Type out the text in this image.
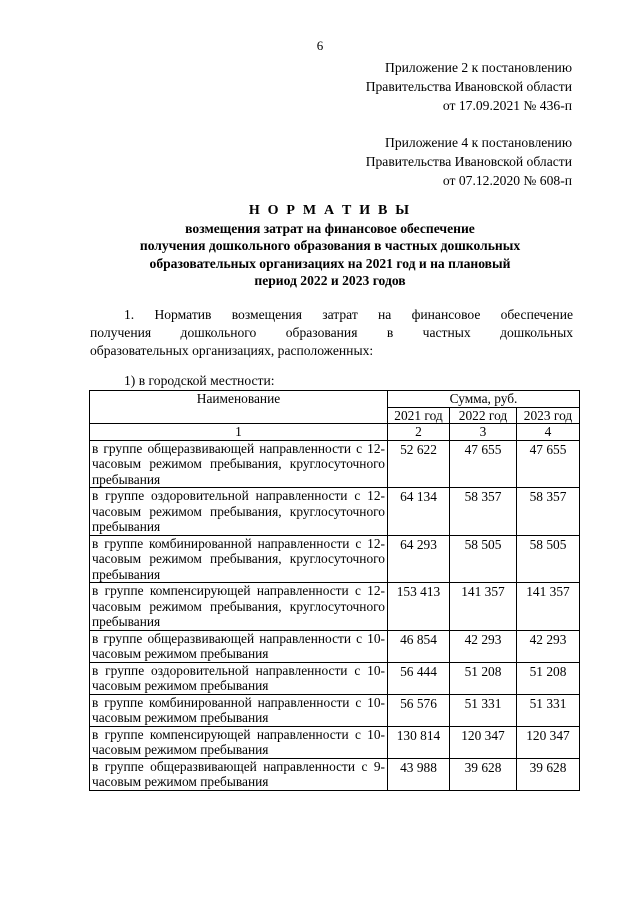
6
Приложение 2 к постановлению
Правительства Ивановской области
от 17.09.2021 № 436-п
Приложение 4 к постановлению
Правительства Ивановской области
от 07.12.2020 № 608-п
Н О Р М А Т И В Ы
возмещения затрат на финансовое обеспечение
получения дошкольного образования в частных дошкольных
образовательных организациях на 2021 год и на плановый
период 2022 и 2023 годов
1. Норматив возмещения затрат на финансовое обеспечение
получения дошкольного образования в частных дошкольных
образовательных организациях, расположенных:
1) в городской местности:
Наименование	Сумма, руб.		
	2021 год	2022 год	2023 год
1	2	3	4
в группе общеразвивающей направленности с 12-часовым режимом пребывания, круглосуточного пребывания	52 622	47 655	47 655
в группе оздоровительной направленности с 12-часовым режимом пребывания, круглосуточного пребывания	64 134	58 357	58 357
в группе комбинированной направленности с 12-часовым режимом пребывания, круглосуточного пребывания	64 293	58 505	58 505
в группе компенсирующей направленности с 12-часовым режимом пребывания, круглосуточного пребывания	153 413	141 357	141 357
в группе общеразвивающей направленности с 10-часовым режимом пребывания	46 854	42 293	42 293
в группе оздоровительной направленности с 10-часовым режимом пребывания	56 444	51 208	51 208
в группе комбинированной направленности с 10-часовым режимом пребывания	56 576	51 331	51 331
в группе компенсирующей направленности с 10-часовым режимом пребывания	130 814	120 347	120 347
в группе общеразвивающей направленности с 9-часовым режимом пребывания	43 988	39 628	39 628
